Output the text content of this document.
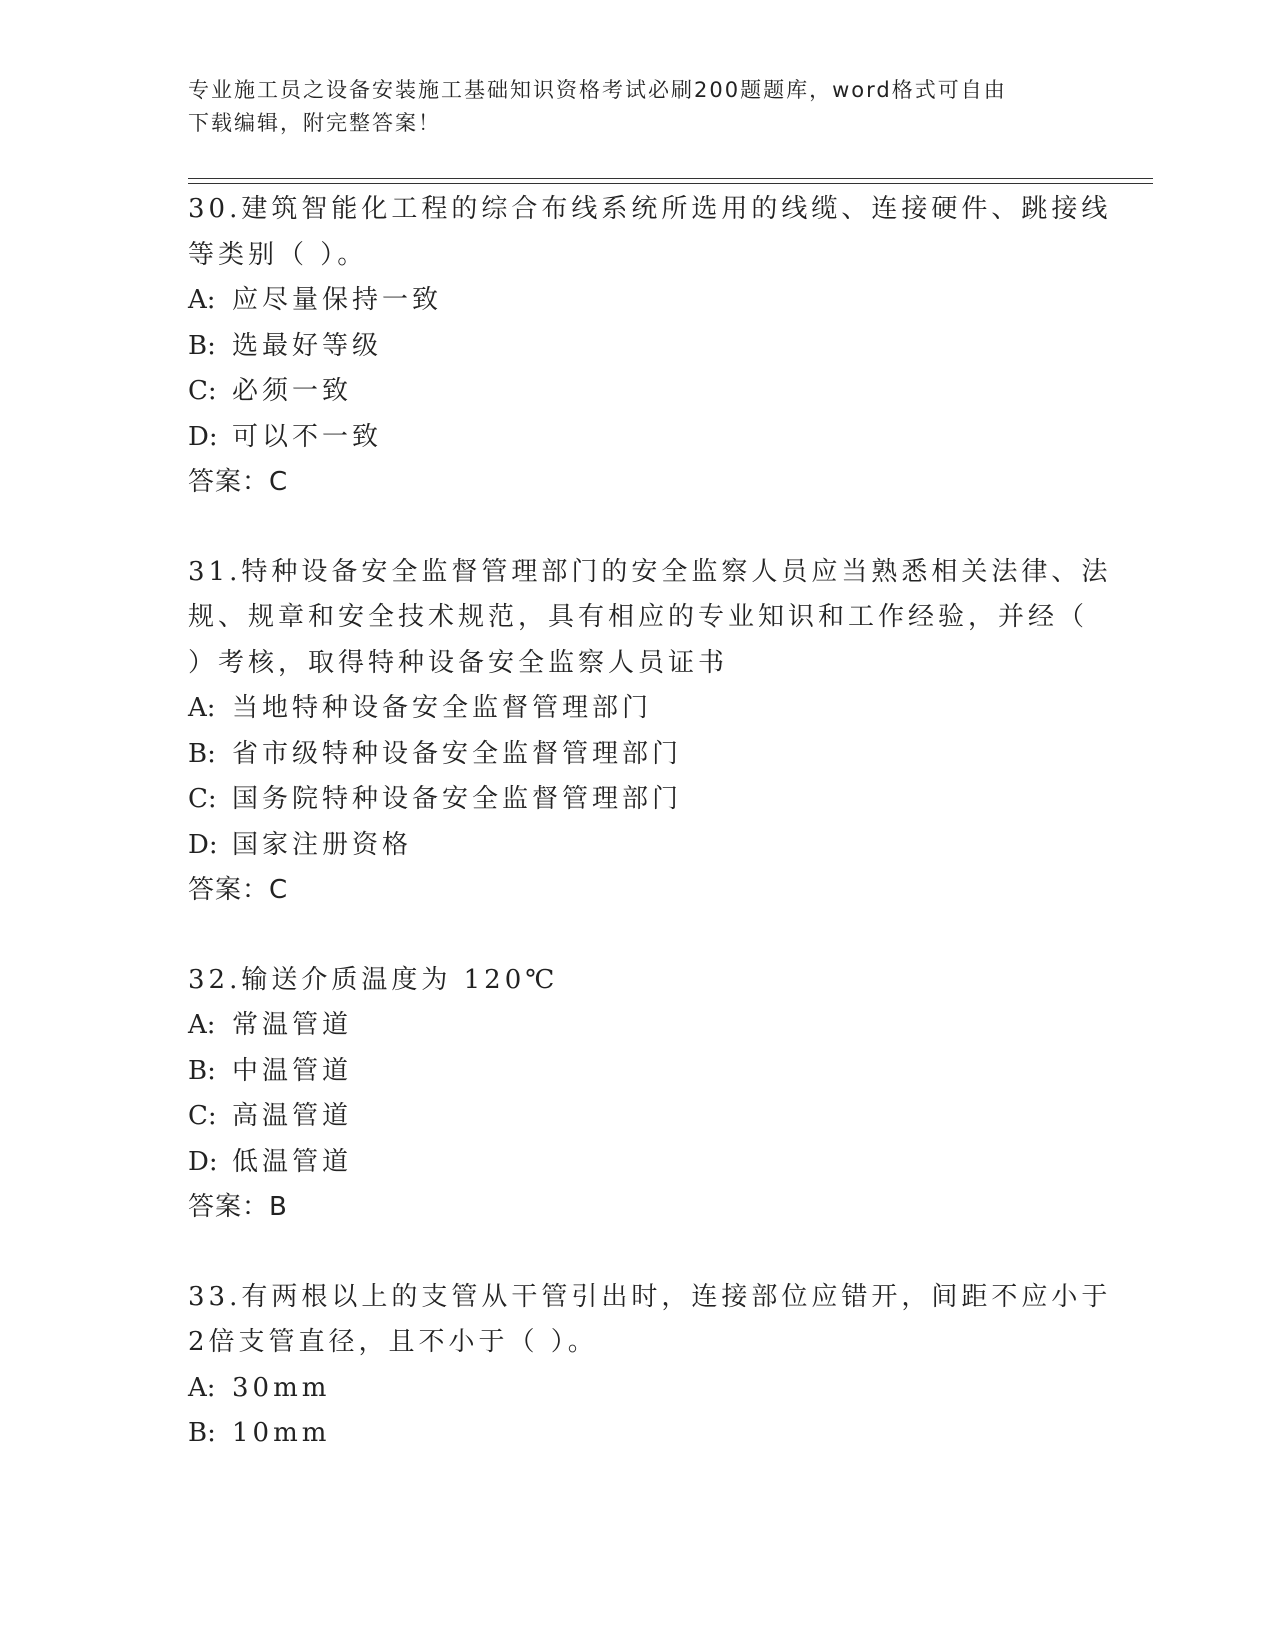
专业施工员之设备安装施工基础知识资格考试必刷200题题库，word格式可自由
下载编辑，附完整答案！
30.建筑智能化工程的综合布线系统所选用的线缆、连接硬件、跳接线
等类别（ ）。
A: 应尽量保持一致
B: 选最好等级
C: 必须一致
D: 可以不一致
答案：C
31.特种设备安全监督管理部门的安全监察人员应当熟悉相关法律、法
规、规章和安全技术规范，具有相应的专业知识和工作经验，并经（
）考核，取得特种设备安全监察人员证书
A: 当地特种设备安全监督管理部门
B: 省市级特种设备安全监督管理部门
C: 国务院特种设备安全监督管理部门
D: 国家注册资格
答案：C
32.输送介质温度为 120℃
A: 常温管道
B: 中温管道
C: 高温管道
D: 低温管道
答案：B
33.有两根以上的支管从干管引出时，连接部位应错开，间距不应小于
2倍支管直径，且不小于（ ）。
A: 30mm
B: 10mm
